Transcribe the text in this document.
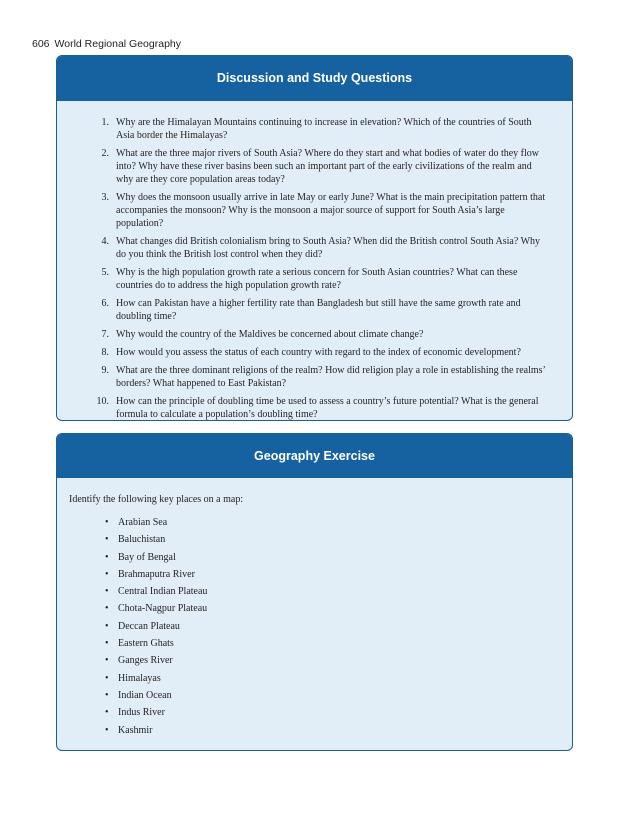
606 World Regional Geography
Discussion and Study Questions
1. Why are the Himalayan Mountains continuing to increase in elevation? Which of the countries of South Asia border the Himalayas?
2. What are the three major rivers of South Asia? Where do they start and what bodies of water do they flow into? Why have these river basins been such an important part of the early civilizations of the realm and why are they core population areas today?
3. Why does the monsoon usually arrive in late May or early June? What is the main precipitation pattern that accompanies the monsoon? Why is the monsoon a major source of support for South Asia’s large population?
4. What changes did British colonialism bring to South Asia? When did the British control South Asia? Why do you think the British lost control when they did?
5. Why is the high population growth rate a serious concern for South Asian countries? What can these countries do to address the high population growth rate?
6. How can Pakistan have a higher fertility rate than Bangladesh but still have the same growth rate and doubling time?
7. Why would the country of the Maldives be concerned about climate change?
8. How would you assess the status of each country with regard to the index of economic development?
9. What are the three dominant religions of the realm? How did religion play a role in establishing the realms’ borders? What happened to East Pakistan?
10. How can the principle of doubling time be used to assess a country’s future potential? What is the general formula to calculate a population’s doubling time?
Geography Exercise
Identify the following key places on a map:
• Arabian Sea
• Baluchistan
• Bay of Bengal
• Brahmaputra River
• Central Indian Plateau
• Chota-Nagpur Plateau
• Deccan Plateau
• Eastern Ghats
• Ganges River
• Himalayas
• Indian Ocean
• Indus River
• Kashmir
